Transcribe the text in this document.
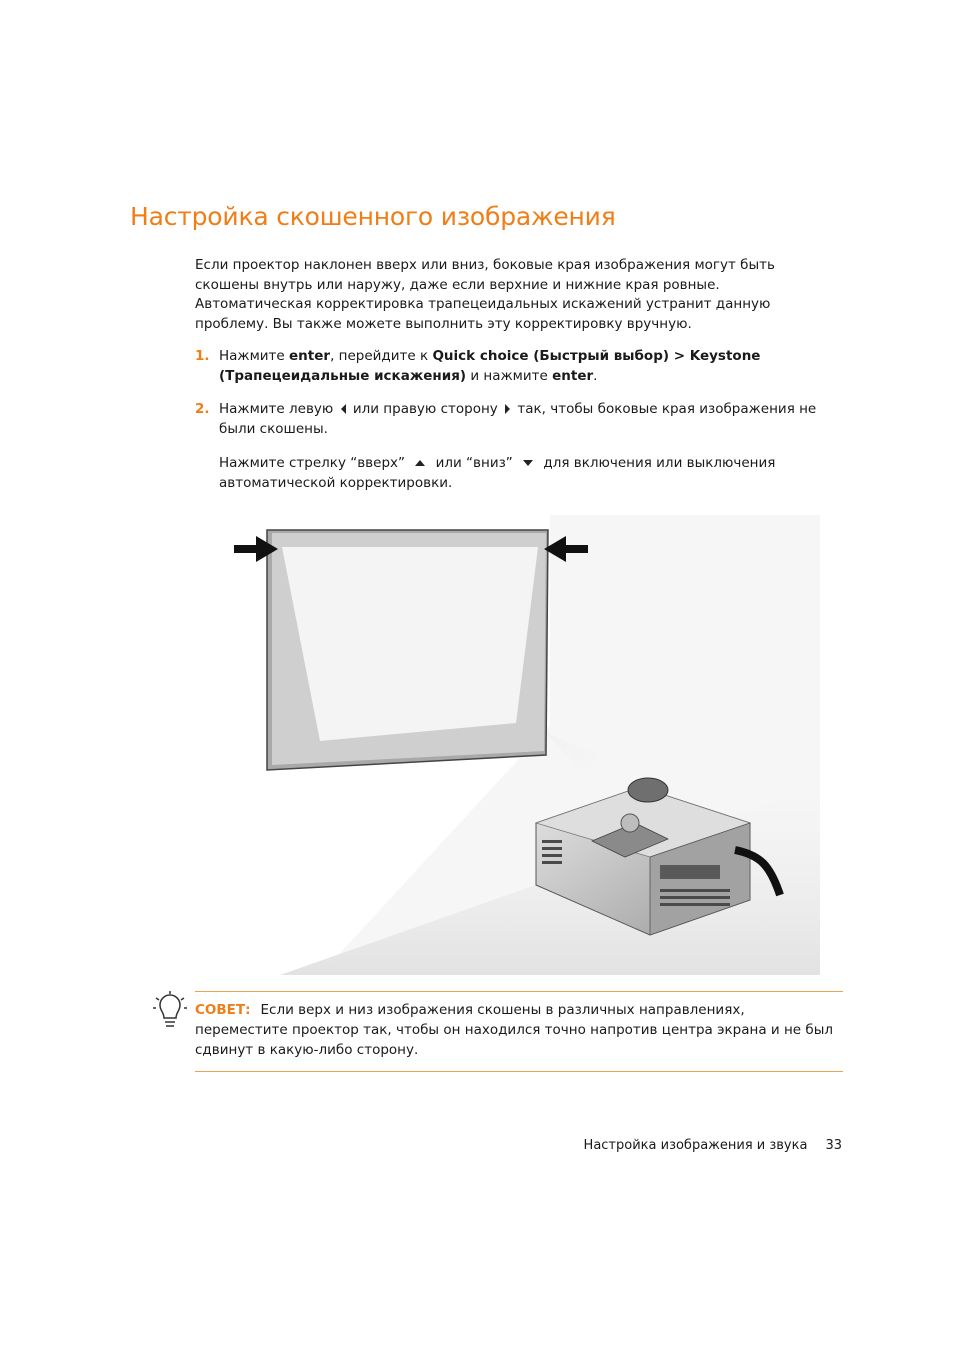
Настройка скошенного изображения

Если проектор наклонен вверх или вниз, боковые края изображения могут быть скошены внутрь или наружу, даже если верхние и нижние края ровные. Автоматическая корректировка трапецеидальных искажений устранит данную проблему. Вы также можете выполнить эту корректировку вручную.

1. Нажмите enter, перейдите к Quick choice (Быстрый выбор) > Keystone (Трапецеидальные искажения) и нажмите enter.
2. Нажмите левую или правую сторону так, чтобы боковые края изображения не были скошены.
Нажмите стрелку “вверх” или “вниз” для включения или выключения автоматической корректировки.
СОВЕТ: Если верх и низ изображения скошены в различных направлениях, переместите проектор так, чтобы он находился точно напротив центра экрана и не был сдвинут в какую-либо сторону.
Настройка изображения и звука 33
